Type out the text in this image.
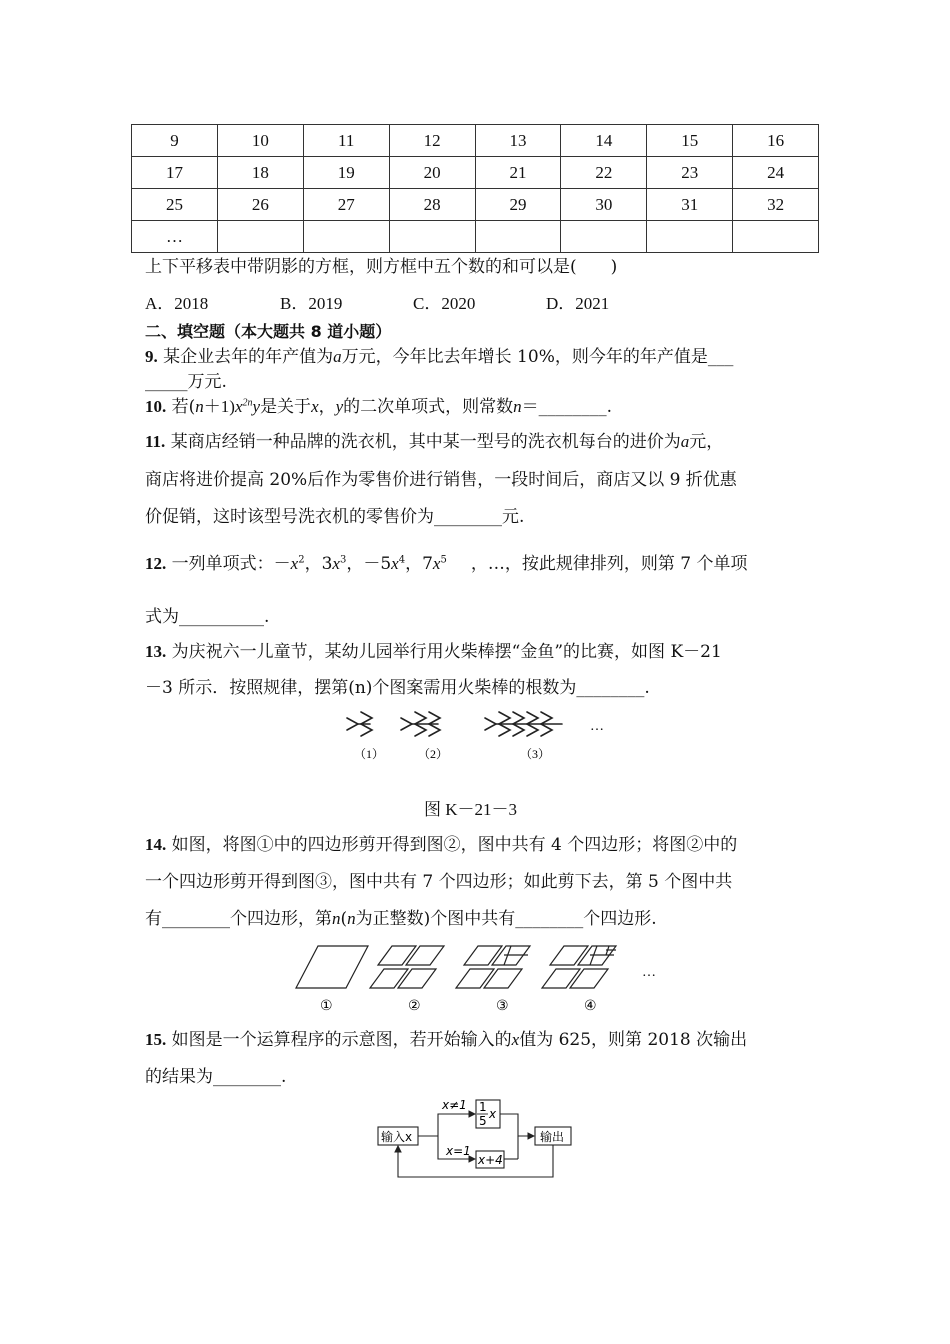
9	10	11	12	13	14	15	16
17	18	19	20	21	22	23	24
25	26	27	28	29	30	31	32
…							
上下平移表中带阴影的方框，则方框中五个数的和可以是(　　)
A．2018	B．2019	C．2020	D．2021
二、填空题（本大题共 8 道小题）
9. 某企业去年的年产值为a万元，今年比去年增长 10%，则今年的年产值是___
_____万元.
10. 若$(n+1)x^{2n}y$是关于x，y的二次单项式，则常数n＝________.
11. 某商店经销一种品牌的洗衣机，其中某一型号的洗衣机每台的进价为a元，
商店将进价提高 20%后作为零售价进行销售，一段时间后，商店又以 9 折优惠
价促销，这时该型号洗衣机的零售价为________元.
12. 一列单项式：$-x^2$，$3x^3$，$-5x^4$，$7x^5$ ，…，按此规律排列，则第 7 个单项
式为__________.
13. 为庆祝六一儿童节，某幼儿园举行用火柴棒摆“金鱼”的比赛，如图 K－21
－3 所示．按照规律，摆第(n)个图案需用火柴棒的根数为________.
…
（1）	（2）	（3）
图 K－21－3
14. 如图，将图①中的四边形剪开得到图②，图中共有 4 个四边形；将图②中的
一个四边形剪开得到图③，图中共有 7 个四边形；如此剪下去，第 5 个图中共
有________个四边形，第n(n为正整数)个图中共有________个四边形.
…
①	②	③	④
15. 如图是一个运算程序的示意图，若开始输入的x值为 625，则第 2018 次输出
的结果为________.
输入x
x≠1 1
5 x
x=1
x+4
输出
